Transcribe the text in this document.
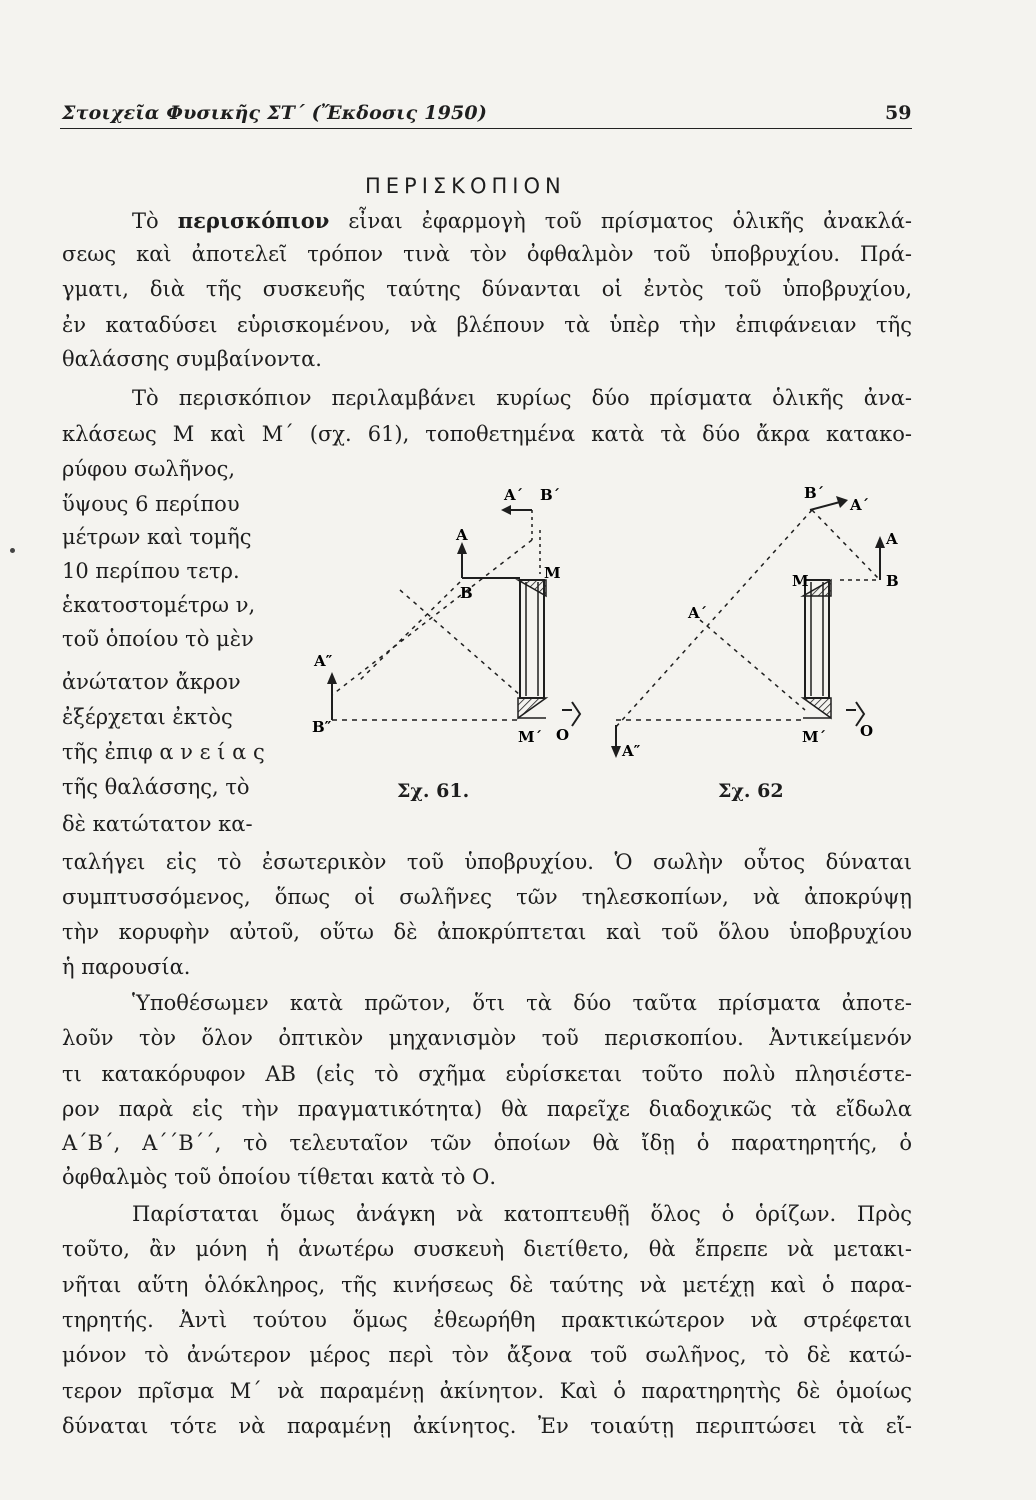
Στοιχεῖα Φυσικῆς ΣΤ΄ (Ἔκδοσις 1950)	59
ΠΕΡΙΣΚΟΠΙΟΝ
Τὸ περισκόπιον εἶναι ἐφαρμογὴ τοῦ πρίσματος ὁλικῆς ἀνακλά-
σεως καὶ ἀποτελεῖ τρόπον τινὰ τὸν ὀφθαλμὸν τοῦ ὑποβρυχίου. Πρά-
γματι, διὰ τῆς συσκευῆς ταύτης δύνανται οἱ ἐντὸς τοῦ ὑποβρυχίου,
ἐν καταδύσει εὑρισκομένου, νὰ βλέπουν τὰ ὑπὲρ τὴν ἐπιφάνειαν τῆς
θαλάσσης συμβαίνοντα.
Τὸ περισκόπιον περιλαμβάνει κυρίως δύο πρίσματα ὁλικῆς ἀνα-
κλάσεως Μ καὶ Μ΄ (σχ. 61), τοποθετημένα κατὰ τὰ δύο ἄκρα κατακο-
ρύφου σωλῆνος,
ὕψους 6 περίπου
μέτρων καὶ τομῆς
10 περίπου τετρ.
ἑκατοστομέτρω ν,
τοῦ ὁποίου τὸ μὲν
ἀνώτατον ἄκρον
ἐξέρχεται ἐκτὸς
τῆς ἐπιφ α ν ε ί α ς
τῆς θαλάσσης, τὸ
δὲ κατώτατον κα-
ταλήγει εἰς τὸ ἐσωτερικὸν τοῦ ὑποβρυχίου. Ὁ σωλὴν οὗτος δύναται
συμπτυσσόμενος, ὅπως οἱ σωλῆνες τῶν τηλεσκοπίων, νὰ ἀποκρύψῃ
τὴν κορυφὴν αὐτοῦ, οὕτω δὲ ἀποκρύπτεται καὶ τοῦ ὅλου ὑποβρυχίου
ἡ παρουσία.
Ὑποθέσωμεν κατὰ πρῶτον, ὅτι τὰ δύο ταῦτα πρίσματα ἀποτε-
λοῦν τὸν ὅλον ὀπτικὸν μηχανισμὸν τοῦ περισκοπίου. Ἀντικείμενόν
τι κατακόρυφον ΑΒ (εἰς τὸ σχῆμα εὑρίσκεται τοῦτο πολὺ πλησιέστε-
ρον παρὰ εἰς τὴν πραγματικότητα) θὰ παρεῖχε διαδοχικῶς τὰ εἴδωλα
Α΄Β΄, Α΄΄Β΄΄, τὸ τελευταῖον τῶν ὁποίων θὰ ἴδῃ ὁ παρατηρητής, ὁ
ὀφθαλμὸς τοῦ ὁποίου τίθεται κατὰ τὸ Ο.
Παρίσταται ὅμως ἀνάγκη νὰ κατοπτευθῇ ὅλος ὁ ὁρίζων. Πρὸς
τοῦτο, ἂν μόνη ἡ ἀνωτέρω συσκευὴ διετίθετο, θὰ ἔπρεπε νὰ μετακι-
νῆται αὕτη ὁλόκληρος, τῆς κινήσεως δὲ ταύτης νὰ μετέχῃ καὶ ὁ παρα-
τηρητής. Ἀντὶ τούτου ὅμως ἐθεωρήθη πρακτικώτερον νὰ στρέφεται
μόνον τὸ ἀνώτερον μέρος περὶ τὸν ἄξονα τοῦ σωλῆνος, τὸ δὲ κατώ-
τερον πρῖσμα Μ΄ νὰ παραμένῃ ἀκίνητον. Καὶ ὁ παρατηρητὴς δὲ ὁμοίως
δύναται τότε νὰ παραμένῃ ἀκίνητος. Ἐν τοιαύτῃ περιπτώσει τὰ εἴ-
Α΄ Β΄
Α
Β
Μ
Α″
Β″
Μ΄ Ο
Β΄
Α΄
Α
Β
Μ
Α΄
Μ΄ Ο
Α″
Σχ. 61.	Σχ. 62
